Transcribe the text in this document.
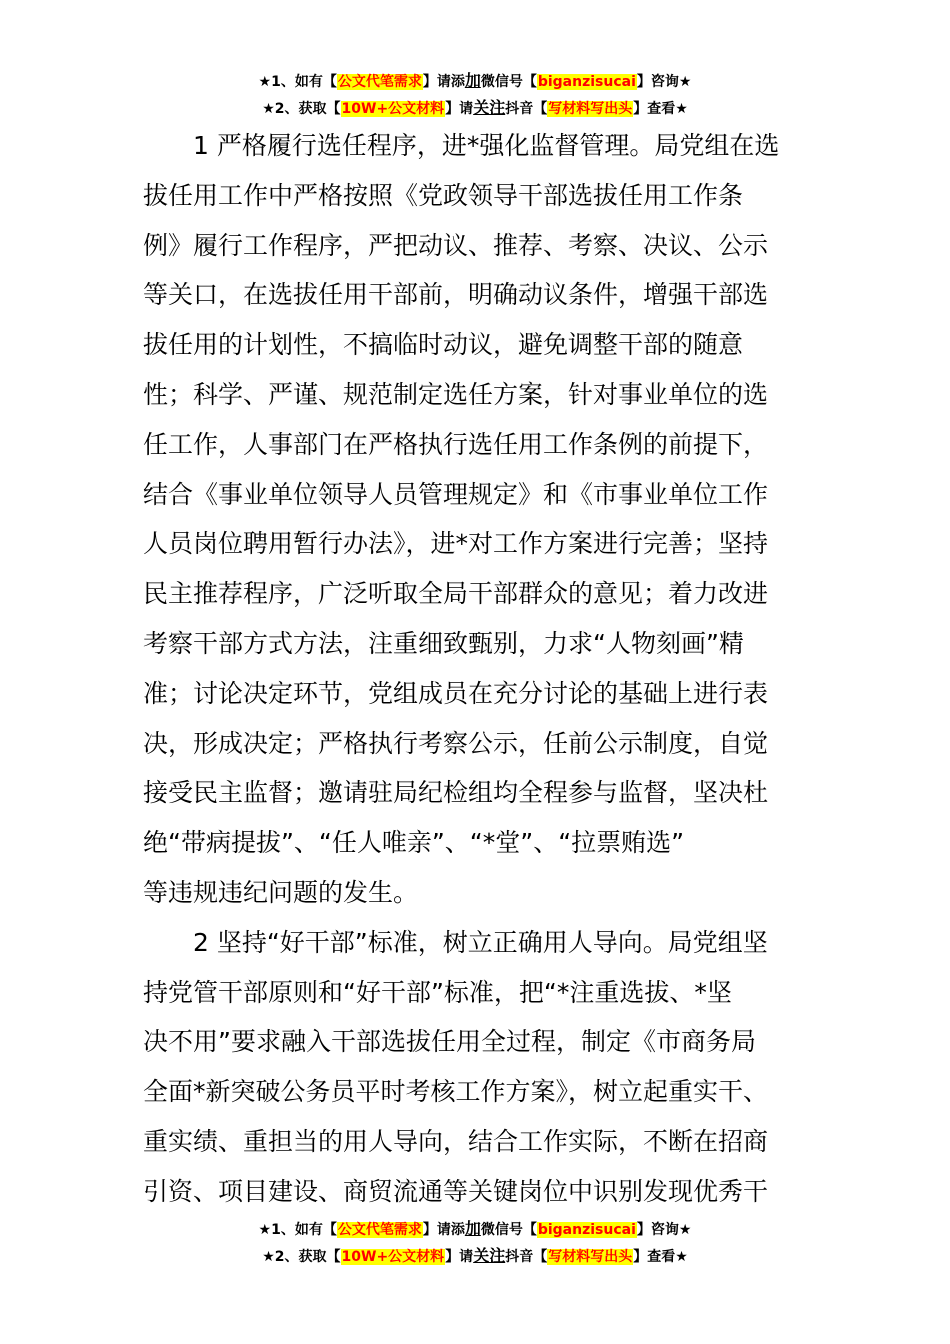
★1、如有【公文代笔需求】请添加微信号【biganzisucai】咨询★
★2、获取【10W+公文材料】请关注抖音【写材料写出头】查看★
1 严格履行选任程序，进*强化监督管理。局党组在选
拔任用工作中严格按照《党政领导干部选拔任用工作条
例》履行工作程序，严把动议、推荐、考察、决议、公示
等关口，在选拔任用干部前，明确动议条件，增强干部选
拔任用的计划性，不搞临时动议，避免调整干部的随意
性；科学、严谨、规范制定选任方案，针对事业单位的选
任工作，人事部门在严格执行选任用工作条例的前提下，
结合《事业单位领导人员管理规定》和《市事业单位工作
人员岗位聘用暂行办法》，进*对工作方案进行完善；坚持
民主推荐程序，广泛听取全局干部群众的意见；着力改进
考察干部方式方法，注重细致甄别，力求“人物刻画”精
准；讨论决定环节，党组成员在充分讨论的基础上进行表
决，形成决定；严格执行考察公示，任前公示制度，自觉
接受民主监督；邀请驻局纪检组均全程参与监督，坚决杜
绝“带病提拔”、“任人唯亲”、“*堂”、“拉票贿选”
等违规违纪问题的发生。
2 坚持“好干部”标准，树立正确用人导向。局党组坚
持党管干部原则和“好干部”标准，把“*注重选拔、*坚
决不用”要求融入干部选拔任用全过程，制定《市商务局
全面*新突破公务员平时考核工作方案》，树立起重实干、
重实绩、重担当的用人导向，结合工作实际，不断在招商
引资、项目建设、商贸流通等关键岗位中识别发现优秀干
★1、如有【公文代笔需求】请添加微信号【biganzisucai】咨询★
★2、获取【10W+公文材料】请关注抖音【写材料写出头】查看★
